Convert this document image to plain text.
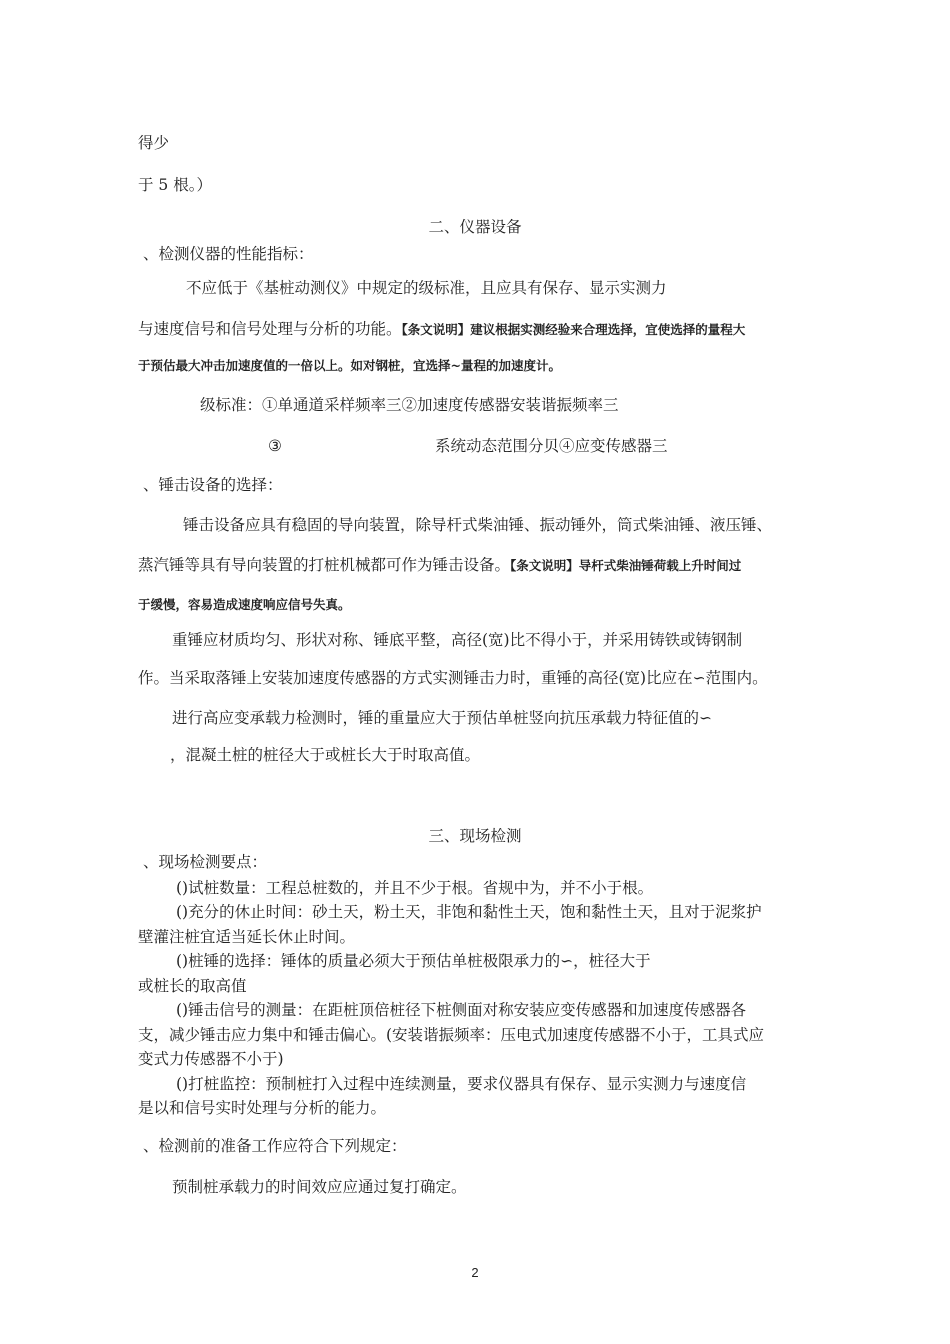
得少
于 5 根。）
二、仪器设备
、检测仪器的性能指标：
不应低于《基桩动测仪》中规定的级标准，且应具有保存、显示实测力
与速度信号和信号处理与分析的功能。【条文说明】建议根据实测经验来合理选择，宜使选择的量程大
于预估最大冲击加速度值的一倍以上。如对钢桩，宜选择~量程的加速度计。
级标准：①单通道采样频率三②加速度传感器安装谐振频率三
③	系统动态范围分贝④应变传感器三
、锤击设备的选择：
锤击设备应具有稳固的导向装置，除导杆式柴油锤、振动锤外，筒式柴油锤、液压锤、
蒸汽锤等具有导向装置的打桩机械都可作为锤击设备。【条文说明】导杆式柴油锤荷载上升时间过
于缓慢，容易造成速度响应信号失真。
重锤应材质均匀、形状对称、锤底平整，高径(宽)比不得小于，并采用铸铁或铸钢制
作。当采取落锤上安装加速度传感器的方式实测锤击力时，重锤的高径(宽)比应在∽范围内。
进行高应变承载力检测时，锤的重量应大于预估单桩竖向抗压承载力特征值的∽
，混凝土桩的桩径大于或桩长大于时取高值。
三、现场检测
、现场检测要点：
()试桩数量：工程总桩数的，并且不少于根。省规中为，并不小于根。
()充分的休止时间：砂土天，粉土天，非饱和黏性土天，饱和黏性土天，且对于泥浆护
壁灌注桩宜适当延长休止时间。
()桩锤的选择：锤体的质量必须大于预估单桩极限承力的∽，桩径大于
或桩长的取高值
()锤击信号的测量：在距桩顶倍桩径下桩侧面对称安装应变传感器和加速度传感器各
支，减少锤击应力集中和锤击偏心。(安装谐振频率：压电式加速度传感器不小于，工具式应
变式力传感器不小于)
()打桩监控：预制桩打入过程中连续测量，要求仪器具有保存、显示实测力与速度信
是以和信号实时处理与分析的能力。
、检测前的准备工作应符合下列规定：
预制桩承载力的时间效应应通过复打确定。
2
